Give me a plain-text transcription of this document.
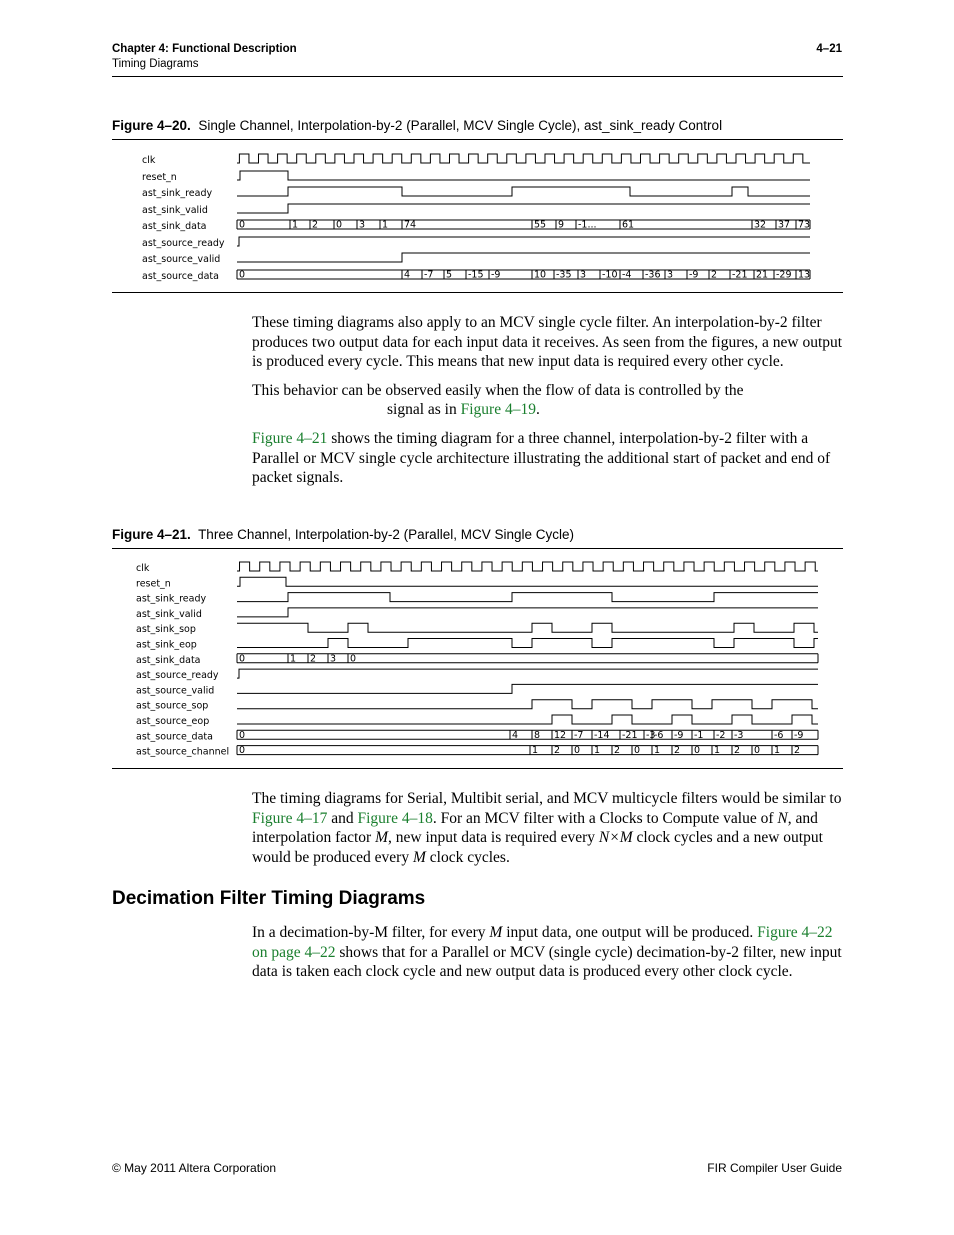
Chapter 4: Functional Description
Timing Diagrams
4–21
Figure 4–20. Single Channel, Interpolation-by-2 (Parallel, MCV Single Cycle), ast_sink_ready Control
clk
reset_n
ast_sink_ready
ast_sink_valid
ast_sink_data
ast_source_ready
ast_source_valid
ast_source_data
0	1 2 0 3 1 74	55 9 -1...	61	32 37 73
0	4 -7 5 -15 -9	10 -35 3 -10 -4 -36 3 -9 2 -21 21 -29 13

These timing diagrams also apply to an MCV single cycle filter. An interpolation-by-2 filter produces two output data for each input data it receives. As seen from the figures, a new output is produced every cycle. This means that new input data is required every other cycle.

This behavior can be observed easily when the flow of data is controlled by the
signal as in Figure 4–19.

Figure 4–21 shows the timing diagram for a three channel, interpolation-by-2 filter with a Parallel or MCV single cycle architecture illustrating the additional start of packet and end of packet signals.

Figure 4–21. Three Channel, Interpolation-by-2 (Parallel, MCV Single Cycle)
clk
reset_n
ast_sink_ready
ast_sink_valid
ast_sink_sop
ast_sink_eop
ast_sink_data
ast_source_ready
ast_source_valid
ast_source_sop
ast_source_eop
ast_source_data
ast_source_channel
0	1 2 3 0
0	4 8 12 -7 -14 -21 -3
-6 -9 -1 -2 -3	-6 -9
0	1 2 0 1 2 0 1 2 0 1 2 0 1 2

The timing diagrams for Serial, Multibit serial, and MCV multicycle filters would be similar to Figure 4–17 and Figure 4–18. For an MCV filter with a Clocks to Compute value of N, and interpolation factor M, new input data is required every N×M clock cycles and a new output would be produced every M clock cycles.

Decimation Filter Timing Diagrams

In a decimation-by-M filter, for every M input data, one output will be produced. Figure 4–22 on page 4–22 shows that for a Parallel or MCV (single cycle) decimation-by-2 filter, new input data is taken each clock cycle and new output data is produced every other clock cycle.

© May 2011 Altera Corporation	FIR Compiler User Guide
